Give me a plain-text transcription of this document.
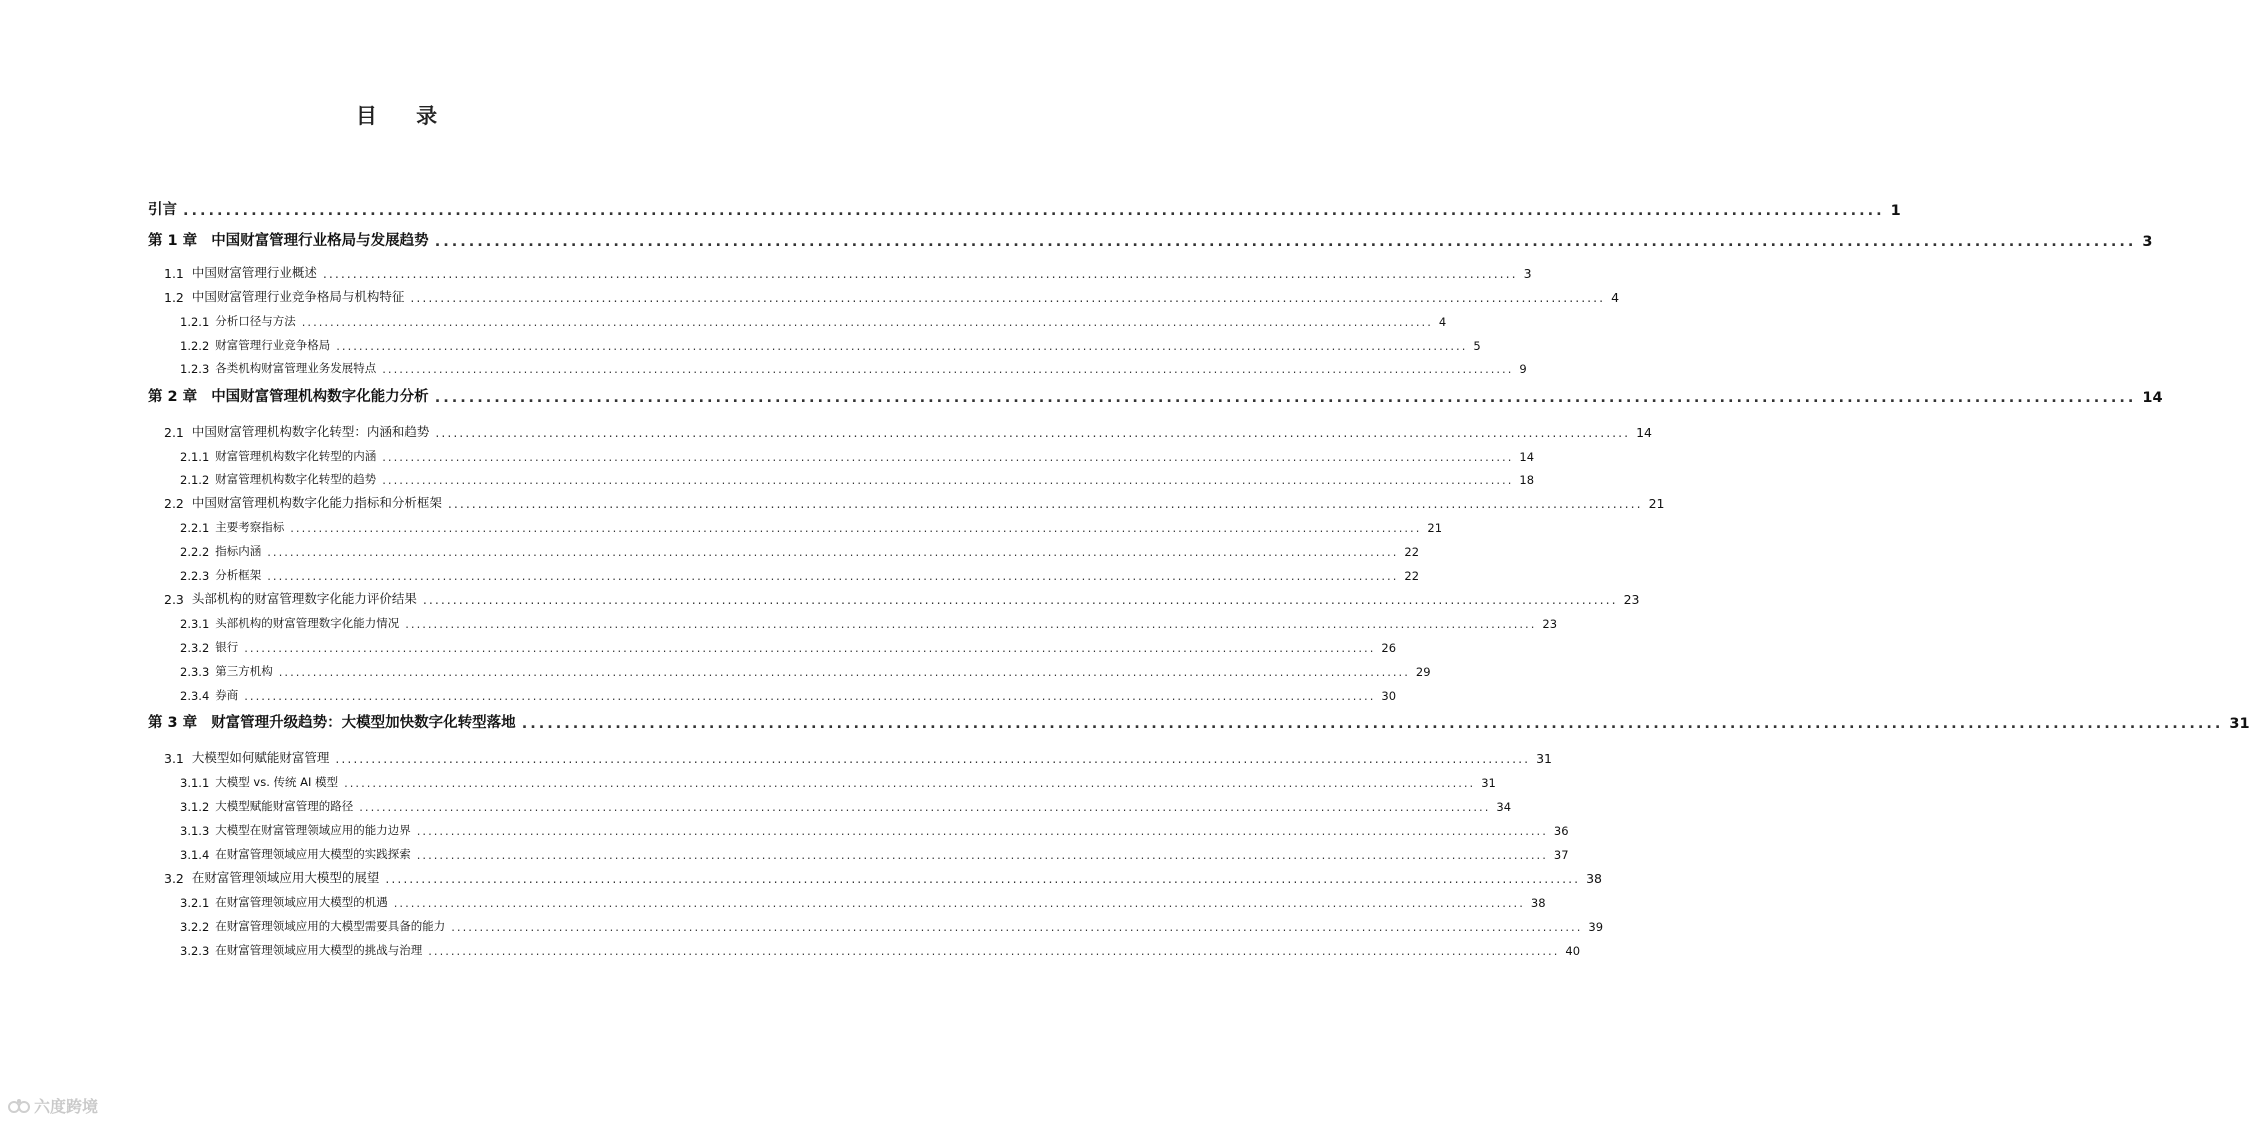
目 录
引言 ........................................................................................................................................................................................................ 1
第 1 章 中国财富管理行业格局与发展趋势 ........................................................................................................................................................................................................ 3
1.1 中国财富管理行业概述 ........................................................................................................................................................................................................ 3
1.2 中国财富管理行业竞争格局与机构特征 ........................................................................................................................................................................................................ 4
1.2.1 分析口径与方法 ........................................................................................................................................................................................................ 4
1.2.2 财富管理行业竞争格局 ........................................................................................................................................................................................................ 5
1.2.3 各类机构财富管理业务发展特点 ........................................................................................................................................................................................................ 9
第 2 章 中国财富管理机构数字化能力分析 ........................................................................................................................................................................................................ 14
2.1 中国财富管理机构数字化转型：内涵和趋势 ........................................................................................................................................................................................................ 14
2.1.1 财富管理机构数字化转型的内涵 ........................................................................................................................................................................................................ 14
2.1.2 财富管理机构数字化转型的趋势 ........................................................................................................................................................................................................ 18
2.2 中国财富管理机构数字化能力指标和分析框架 ........................................................................................................................................................................................................ 21
2.2.1 主要考察指标 ........................................................................................................................................................................................................ 21
2.2.2 指标内涵 ........................................................................................................................................................................................................ 22
2.2.3 分析框架 ........................................................................................................................................................................................................ 22
2.3 头部机构的财富管理数字化能力评价结果 ........................................................................................................................................................................................................ 23
2.3.1 头部机构的财富管理数字化能力情况 ........................................................................................................................................................................................................ 23
2.3.2 银行 ........................................................................................................................................................................................................ 26
2.3.3 第三方机构 ........................................................................................................................................................................................................ 29
2.3.4 券商 ........................................................................................................................................................................................................ 30
第 3 章 财富管理升级趋势：大模型加快数字化转型落地 ........................................................................................................................................................................................................ 31
3.1 大模型如何赋能财富管理 ........................................................................................................................................................................................................ 31
3.1.1 大模型 vs. 传统 AI 模型 ........................................................................................................................................................................................................ 31
3.1.2 大模型赋能财富管理的路径 ........................................................................................................................................................................................................ 34
3.1.3 大模型在财富管理领域应用的能力边界 ........................................................................................................................................................................................................ 36
3.1.4 在财富管理领域应用大模型的实践探索 ........................................................................................................................................................................................................ 37
3.2 在财富管理领域应用大模型的展望 ........................................................................................................................................................................................................ 38
3.2.1 在财富管理领域应用大模型的机遇 ........................................................................................................................................................................................................ 38
3.2.2 在财富管理领域应用的大模型需要具备的能力 ........................................................................................................................................................................................................ 39
3.2.3 在财富管理领域应用大模型的挑战与治理 ........................................................................................................................................................................................................ 40
六度跨境
